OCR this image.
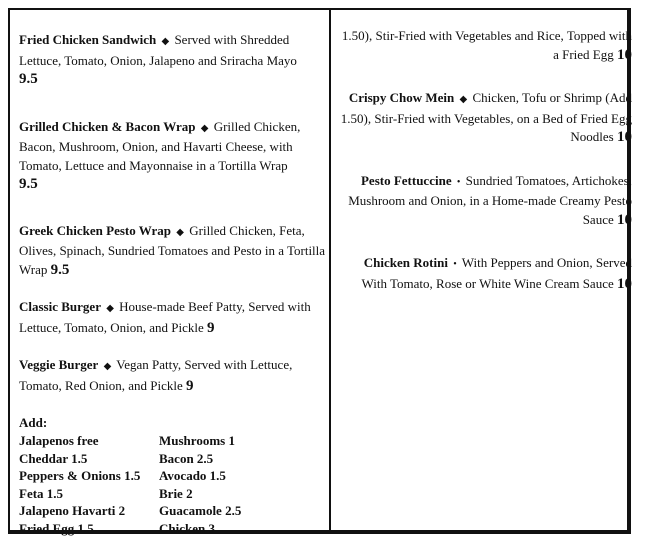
Fried Chicken Sandwich ◆ Served with Shredded Lettuce, Tomato, Onion, Jalapeno and Sriracha Mayo
9.5

Grilled Chicken & Bacon Wrap ◆ Grilled Chicken, Bacon, Mushroom, Onion, and Havarti Cheese, with Tomato, Lettuce and Mayonnaise in a Tortilla Wrap
9.5

Greek Chicken Pesto Wrap ◆ Grilled Chicken, Feta, Olives, Spinach, Sundried Tomatoes and Pesto in a Tortilla Wrap 9.5

Classic Burger ◆ House-made Beef Patty, Served with Lettuce, Tomato, Onion, and Pickle 9

Veggie Burger ◆ Vegan Patty, Served with Lettuce, Tomato, Red Onion, and Pickle 9

Add:
Jalapenos free	Mushrooms 1
Cheddar 1.5	Bacon 2.5
Peppers & Onions 1.5	Avocado 1.5
Feta 1.5	Brie 2
Jalapeno Havarti 2	Guacamole 2.5
Fried Egg 1.5	Chicken 3

1.50), Stir-Fried with Vegetables and Rice, Topped with a Fried Egg 10

Crispy Chow Mein ◆ Chicken, Tofu or Shrimp (Add 1.50), Stir-Fried with Vegetables, on a Bed of Fried Egg Noodles 10

Pesto Fettuccine • Sundried Tomatoes, Artichokes, Mushroom and Onion, in a Home-made Creamy Pesto Sauce 10

Chicken Rotini • With Peppers and Onion, Served With Tomato, Rose or White Wine Cream Sauce 10
